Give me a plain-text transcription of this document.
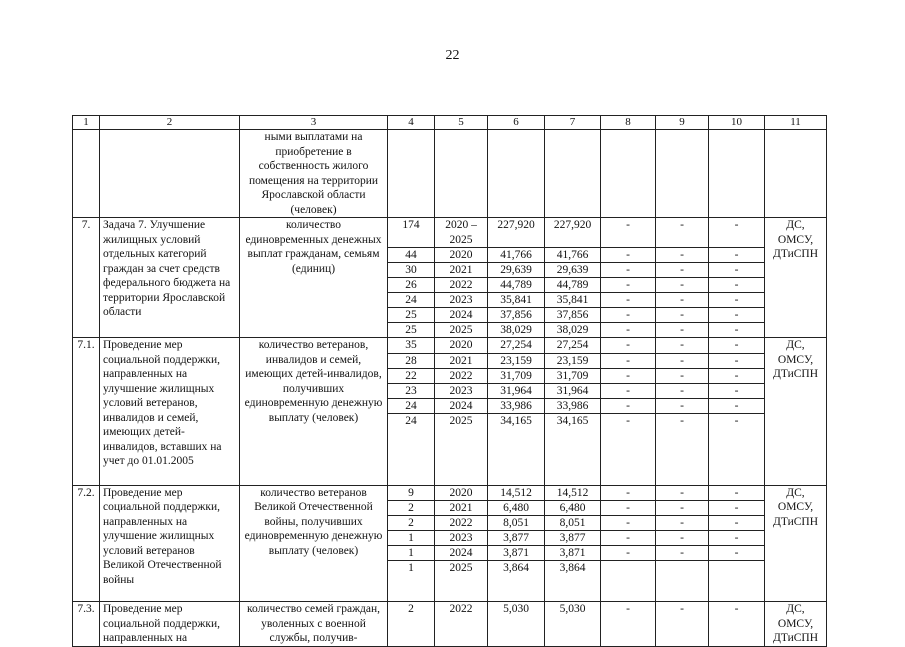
22
1	2	3	4	5	6	7	8	9	10	11
		ными выплатами на приобретение в собственность жилого помещения на территории Ярославской области (человек)								
7.	Задача 7. Улучшение жилищных условий отдельных категорий граждан за счет средств федерального бюджета на территории Ярославской области	количество единовременных денежных выплат гражданам, семьям (единиц)	174	2020 – 2025	227,920	227,920	-	-	-	ДС, ОМСУ, ДТиСПН
			44	2020	41,766	41,766	-	-	-	
			30	2021	29,639	29,639	-	-	-	
			26	2022	44,789	44,789	-	-	-	
			24	2023	35,841	35,841	-	-	-	
			25	2024	37,856	37,856	-	-	-	
			25	2025	38,029	38,029	-	-	-	
7.1.	Проведение мер социальной поддержки, направленных на улучшение жилищных условий ветеранов, инвалидов и семей, имеющих детей-инвалидов, вставших на учет до 01.01.2005	количество ветеранов, инвалидов и семей, имеющих детей-инвалидов, получивших единовременную денежную выплату (человек)	35	2020	27,254	27,254	-	-	-	ДС, ОМСУ, ДТиСПН
			28	2021	23,159	23,159	-	-	-	
			22	2022	31,709	31,709	-	-	-	
			23	2023	31,964	31,964	-	-	-	
			24	2024	33,986	33,986	-	-	-	
			24	2025	34,165	34,165	-	-	-	
7.2.	Проведение мер социальной поддержки, направленных на улучшение жилищных условий ветеранов Великой Отечественной войны	количество ветеранов Великой Отечественной войны, получивших единовременную денежную выплату (человек)	9	2020	14,512	14,512	-	-	-	ДС, ОМСУ, ДТиСПН
			2	2021	6,480	6,480	-	-	-	
			2	2022	8,051	8,051	-	-	-	
			1	2023	3,877	3,877	-	-	-	
			1	2024	3,871	3,871	-	-	-	
			1	2025	3,864	3,864				
7.3.	Проведение мер социальной поддержки, направленных на	количество семей граждан, уволенных с военной службы, получив-	2	2022	5,030	5,030	-	-	-	ДС, ОМСУ, ДТиСПН
